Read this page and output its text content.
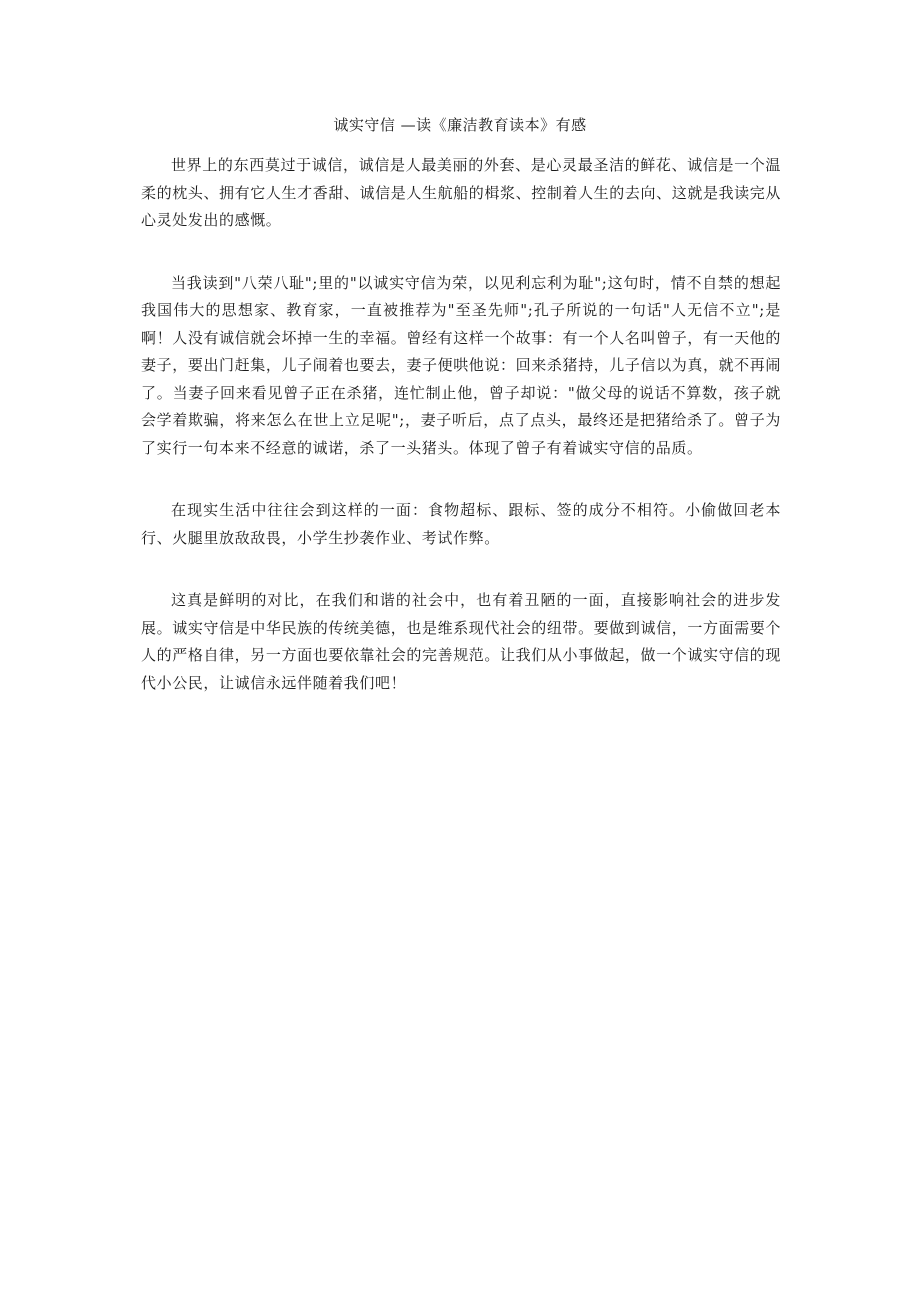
诚实守信 —读《廉洁教育读本》有感

世界上的东西莫过于诚信，诚信是人最美丽的外套、是心灵最圣洁的鲜花、诚信是一个温柔的枕头、拥有它人生才香甜、诚信是人生航船的楫浆、控制着人生的去向、这就是我读完从心灵处发出的感慨。

当我读到"八荣八耻";里的"以诚实守信为荣，以见利忘利为耻";这句时，情不自禁的想起我国伟大的思想家、教育家，一直被推荐为"至圣先师";孔子所说的一句话"人无信不立";是啊！人没有诚信就会坏掉一生的幸福。曾经有这样一个故事：有一个人名叫曾子，有一天他的妻子，要出门赶集，儿子闹着也要去，妻子便哄他说：回来杀猪持，儿子信以为真，就不再闹了。当妻子回来看见曾子正在杀猪，连忙制止他，曾子却说："做父母的说话不算数，孩子就会学着欺骗，将来怎么在世上立足呢";，妻子听后，点了点头，最终还是把猪给杀了。曾子为了实行一句本来不经意的诚诺，杀了一头猪头。体现了曾子有着诚实守信的品质。

在现实生活中往往会到这样的一面：食物超标、跟标、签的成分不相符。小偷做回老本行、火腿里放敌敌畏，小学生抄袭作业、考试作弊。

这真是鲜明的对比，在我们和谐的社会中，也有着丑陋的一面，直接影响社会的进步发展。诚实守信是中华民族的传统美德，也是维系现代社会的纽带。要做到诚信，一方面需要个人的严格自律，另一方面也要依靠社会的完善规范。让我们从小事做起，做一个诚实守信的现代小公民，让诚信永远伴随着我们吧！
